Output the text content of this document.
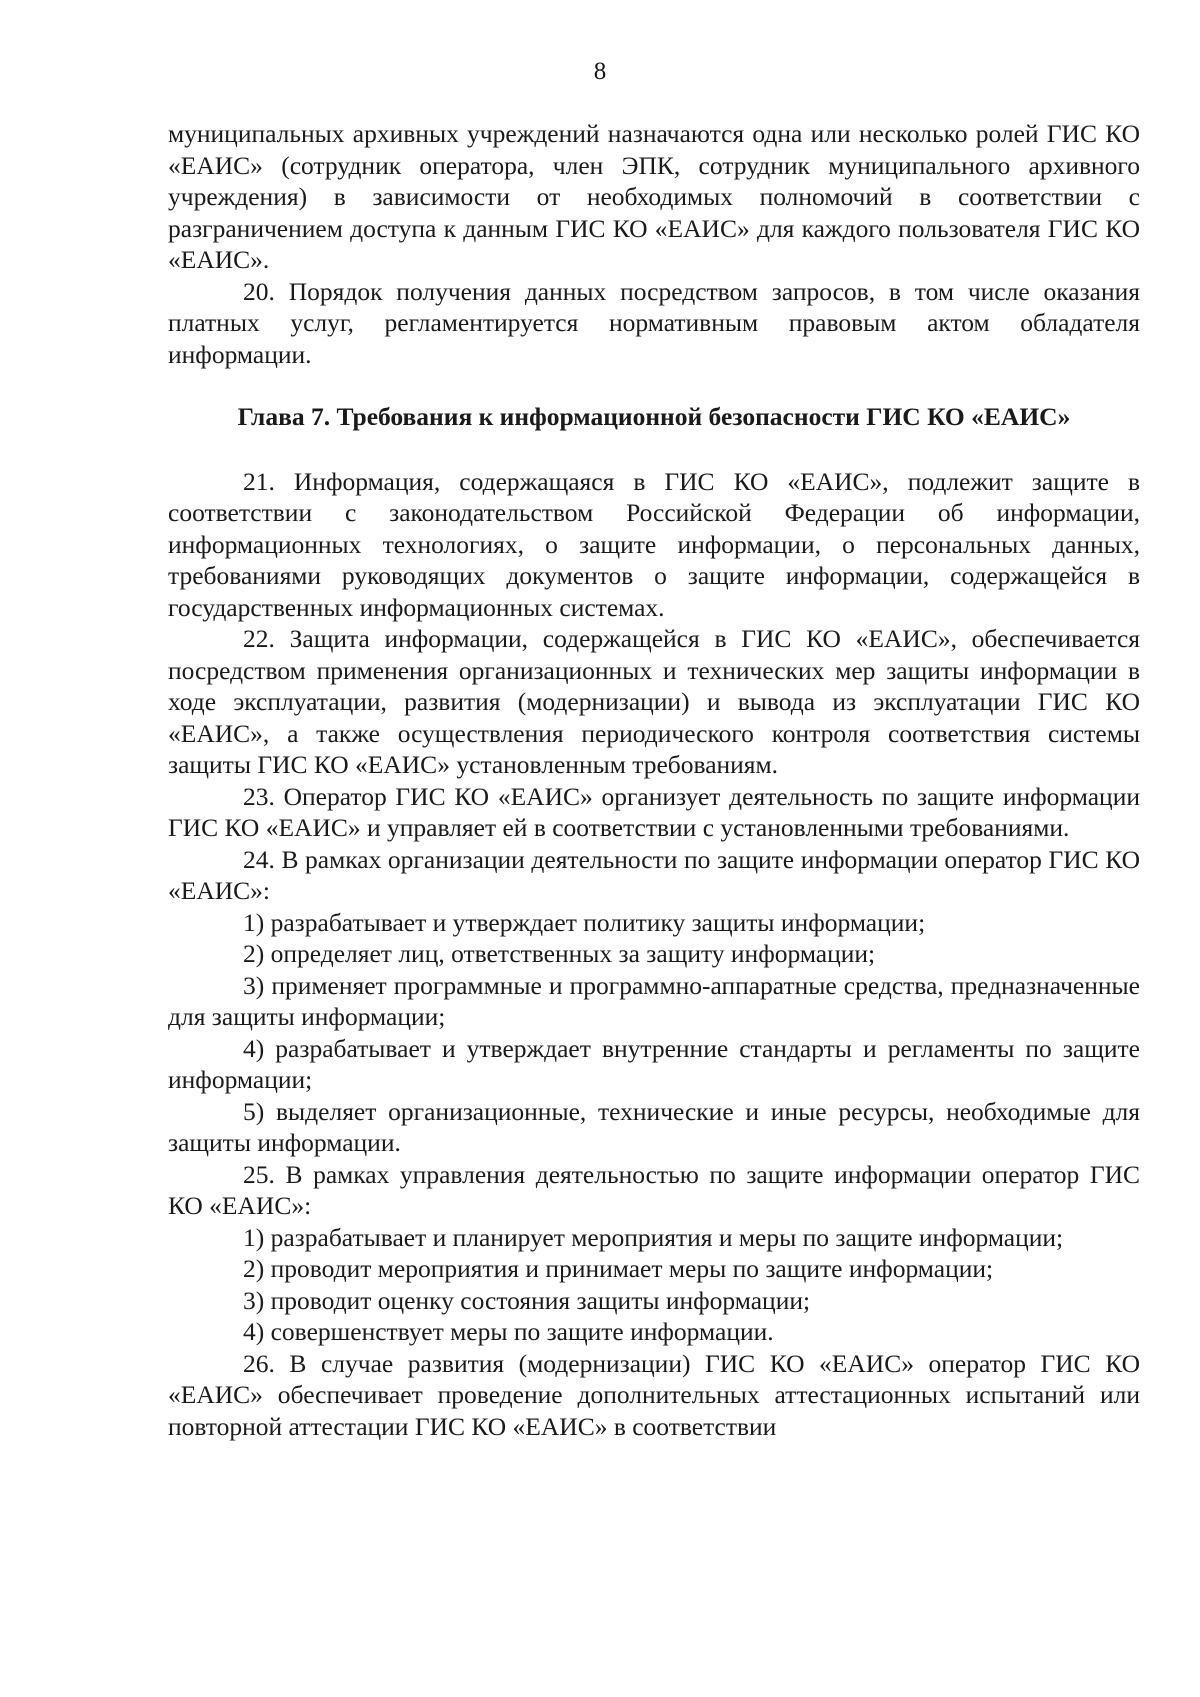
8

муниципальных архивных учреждений назначаются одна или несколько ролей ГИС КО «ЕАИС» (сотрудник оператора, член ЭПК, сотрудник муниципального архивного учреждения) в зависимости от необходимых полномочий в соответствии с разграничением доступа к данным ГИС КО «ЕАИС» для каждого пользователя ГИС КО «ЕАИС».

20. Порядок получения данных посредством запросов, в том числе оказания платных услуг, регламентируется нормативным правовым актом обладателя информации.

Глава 7. Требования к информационной безопасности ГИС КО «ЕАИС»

21. Информация, содержащаяся в ГИС КО «ЕАИС», подлежит защите в соответствии с законодательством Российской Федерации об информации, информационных технологиях, о защите информации, о персональных данных, требованиями руководящих документов о защите информации, содержащейся в государственных информационных системах.

22. Защита информации, содержащейся в ГИС КО «ЕАИС», обеспечивается посредством применения организационных и технических мер защиты информации в ходе эксплуатации, развития (модернизации) и вывода из эксплуатации ГИС КО «ЕАИС», а также осуществления периодического контроля соответствия системы защиты ГИС КО «ЕАИС» установленным требованиям.

23. Оператор ГИС КО «ЕАИС» организует деятельность по защите информации ГИС КО «ЕАИС» и управляет ей в соответствии с установленными требованиями.

24. В рамках организации деятельности по защите информации оператор ГИС КО «ЕАИС»:

1) разрабатывает и утверждает политику защиты информации;

2) определяет лиц, ответственных за защиту информации;

3) применяет программные и программно-аппаратные средства, предназначенные для защиты информации;

4) разрабатывает и утверждает внутренние стандарты и регламенты по защите информации;

5) выделяет организационные, технические и иные ресурсы, необходимые для защиты информации.

25. В рамках управления деятельностью по защите информации оператор ГИС КО «ЕАИС»:

1) разрабатывает и планирует мероприятия и меры по защите информации;

2) проводит мероприятия и принимает меры по защите информации;

3) проводит оценку состояния защиты информации;

4) совершенствует меры по защите информации.

26. В случае развития (модернизации) ГИС КО «ЕАИС» оператор ГИС КО «ЕАИС» обеспечивает проведение дополнительных аттестационных испытаний или повторной аттестации ГИС КО «ЕАИС» в соответствии
